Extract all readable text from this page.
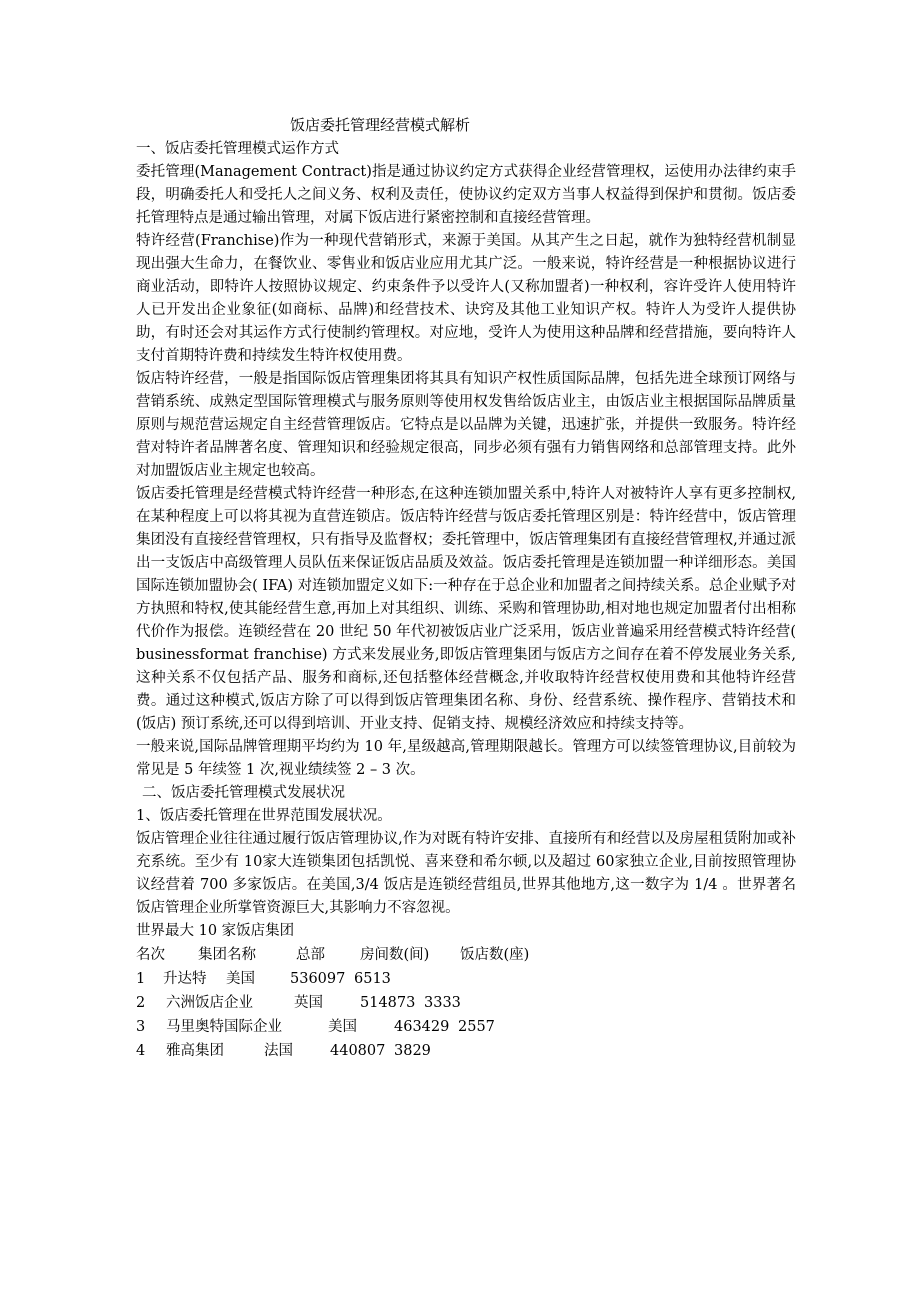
饭店委托管理经营模式解析
一、饭店委托管理模式运作方式

委托管理(Management Contract)指是通过协议约定方式获得企业经营管理权，运使用办法律约束手段，明确委托人和受托人之间义务、权利及责任，使协议约定双方当事人权益得到保护和贯彻。饭店委托管理特点是通过输出管理，对属下饭店进行紧密控制和直接经营管理。

特许经营(Franchise)作为一种现代营销形式，来源于美国。从其产生之日起，就作为独特经营机制显现出强大生命力，在餐饮业、零售业和饭店业应用尤其广泛。一般来说，特许经营是一种根据协议进行商业活动，即特许人按照协议规定、约束条件予以受许人(又称加盟者)一种权利，容许受许人使用特许人已开发出企业象征(如商标、品牌)和经营技术、诀窍及其他工业知识产权。特许人为受许人提供协助，有时还会对其运作方式行使制约管理权。对应地，受许人为使用这种品牌和经营措施，要向特许人支付首期特许费和持续发生特许权使用费。

饭店特许经营，一般是指国际饭店管理集团将其具有知识产权性质国际品牌，包括先进全球预订网络与营销系统、成熟定型国际管理模式与服务原则等使用权发售给饭店业主，由饭店业主根据国际品牌质量原则与规范营运规定自主经营管理饭店。它特点是以品牌为关键，迅速扩张，并提供一致服务。特许经营对特许者品牌著名度、管理知识和经验规定很高，同步必须有强有力销售网络和总部管理支持。此外对加盟饭店业主规定也较高。

饭店委托管理是经营模式特许经营一种形态,在这种连锁加盟关系中,特许人对被特许人享有更多控制权,在某种程度上可以将其视为直营连锁店。饭店特许经营与饭店委托管理区别是：特许经营中，饭店管理集团没有直接经营管理权，只有指导及监督权；委托管理中，饭店管理集团有直接经营管理权,并通过派出一支饭店中高级管理人员队伍来保证饭店品质及效益。饭店委托管理是连锁加盟一种详细形态。美国国际连锁加盟协会( IFA) 对连锁加盟定义如下:一种存在于总企业和加盟者之间持续关系。总企业赋予对方执照和特权,使其能经营生意,再加上对其组织、训练、采购和管理协助,相对地也规定加盟者付出相称代价作为报偿。连锁经营在 20 世纪 50 年代初被饭店业广泛采用，饭店业普遍采用经营模式特许经营( businessformat franchise) 方式来发展业务,即饭店管理集团与饭店方之间存在着不停发展业务关系,这种关系不仅包括产品、服务和商标,还包括整体经营概念,并收取特许经营权使用费和其他特许经营费。通过这种模式,饭店方除了可以得到饭店管理集团名称、身份、经营系统、操作程序、营销技术和(饭店) 预订系统,还可以得到培训、开业支持、促销支持、规模经济效应和持续支持等。

一般来说,国际品牌管理期平均约为 10 年,星级越高,管理期限越长。管理方可以续签管理协议,目前较为常见是 5 年续签 1 次,视业绩续签 2 – 3 次。

二、饭店委托管理模式发展状况

1、饭店委托管理在世界范围发展状况。

饭店管理企业往往通过履行饭店管理协议,作为对既有特许安排、直接所有和经营以及房屋租赁附加或补充系统。至少有 10家大连锁集团包括凯悦、喜来登和希尔顿,以及超过 60家独立企业,目前按照管理协议经营着 700 多家饭店。在美国,3/4 饭店是连锁经营组员,世界其他地方,这一数字为 1/4 。世界著名饭店管理企业所掌管资源巨大,其影响力不容忽视。

世界最大 10 家饭店集团

名次	集团名称	总部	房间数(间)	饭店数(座)
1	升达特	美国	536097 6513
2	六洲饭店企业	英国	514873 3333
3	马里奥特国际企业	美国	463429 2557
4	雅高集团	法国	440807 3829
